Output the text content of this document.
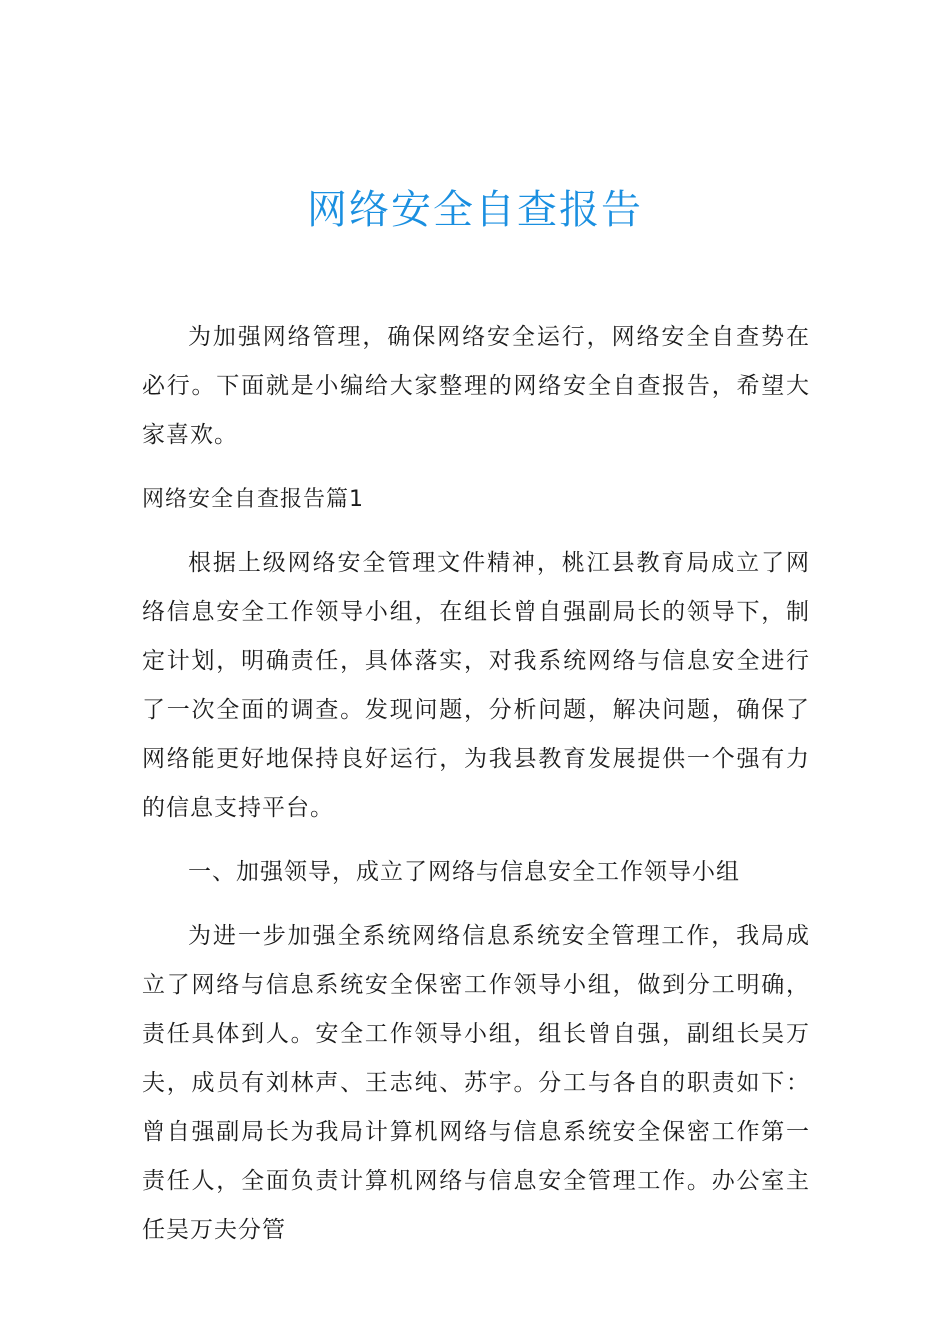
网络安全自查报告

为加强网络管理，确保网络安全运行，网络安全自查势在必行。下面就是小编给大家整理的网络安全自查报告，希望大家喜欢。

网络安全自查报告篇1

根据上级网络安全管理文件精神，桃江县教育局成立了网络信息安全工作领导小组，在组长曾自强副局长的领导下，制定计划，明确责任，具体落实，对我系统网络与信息安全进行了一次全面的调查。发现问题，分析问题，解决问题，确保了网络能更好地保持良好运行，为我县教育发展提供一个强有力的信息支持平台。

一、加强领导，成立了网络与信息安全工作领导小组

为进一步加强全系统网络信息系统安全管理工作，我局成立了网络与信息系统安全保密工作领导小组，做到分工明确，责任具体到人。安全工作领导小组，组长曾自强，副组长吴万夫，成员有刘林声、王志纯、苏宇。分工与各自的职责如下：曾自强副局长为我局计算机网络与信息系统安全保密工作第一责任人，全面负责计算机网络与信息安全管理工作。办公室主任吴万夫分管
